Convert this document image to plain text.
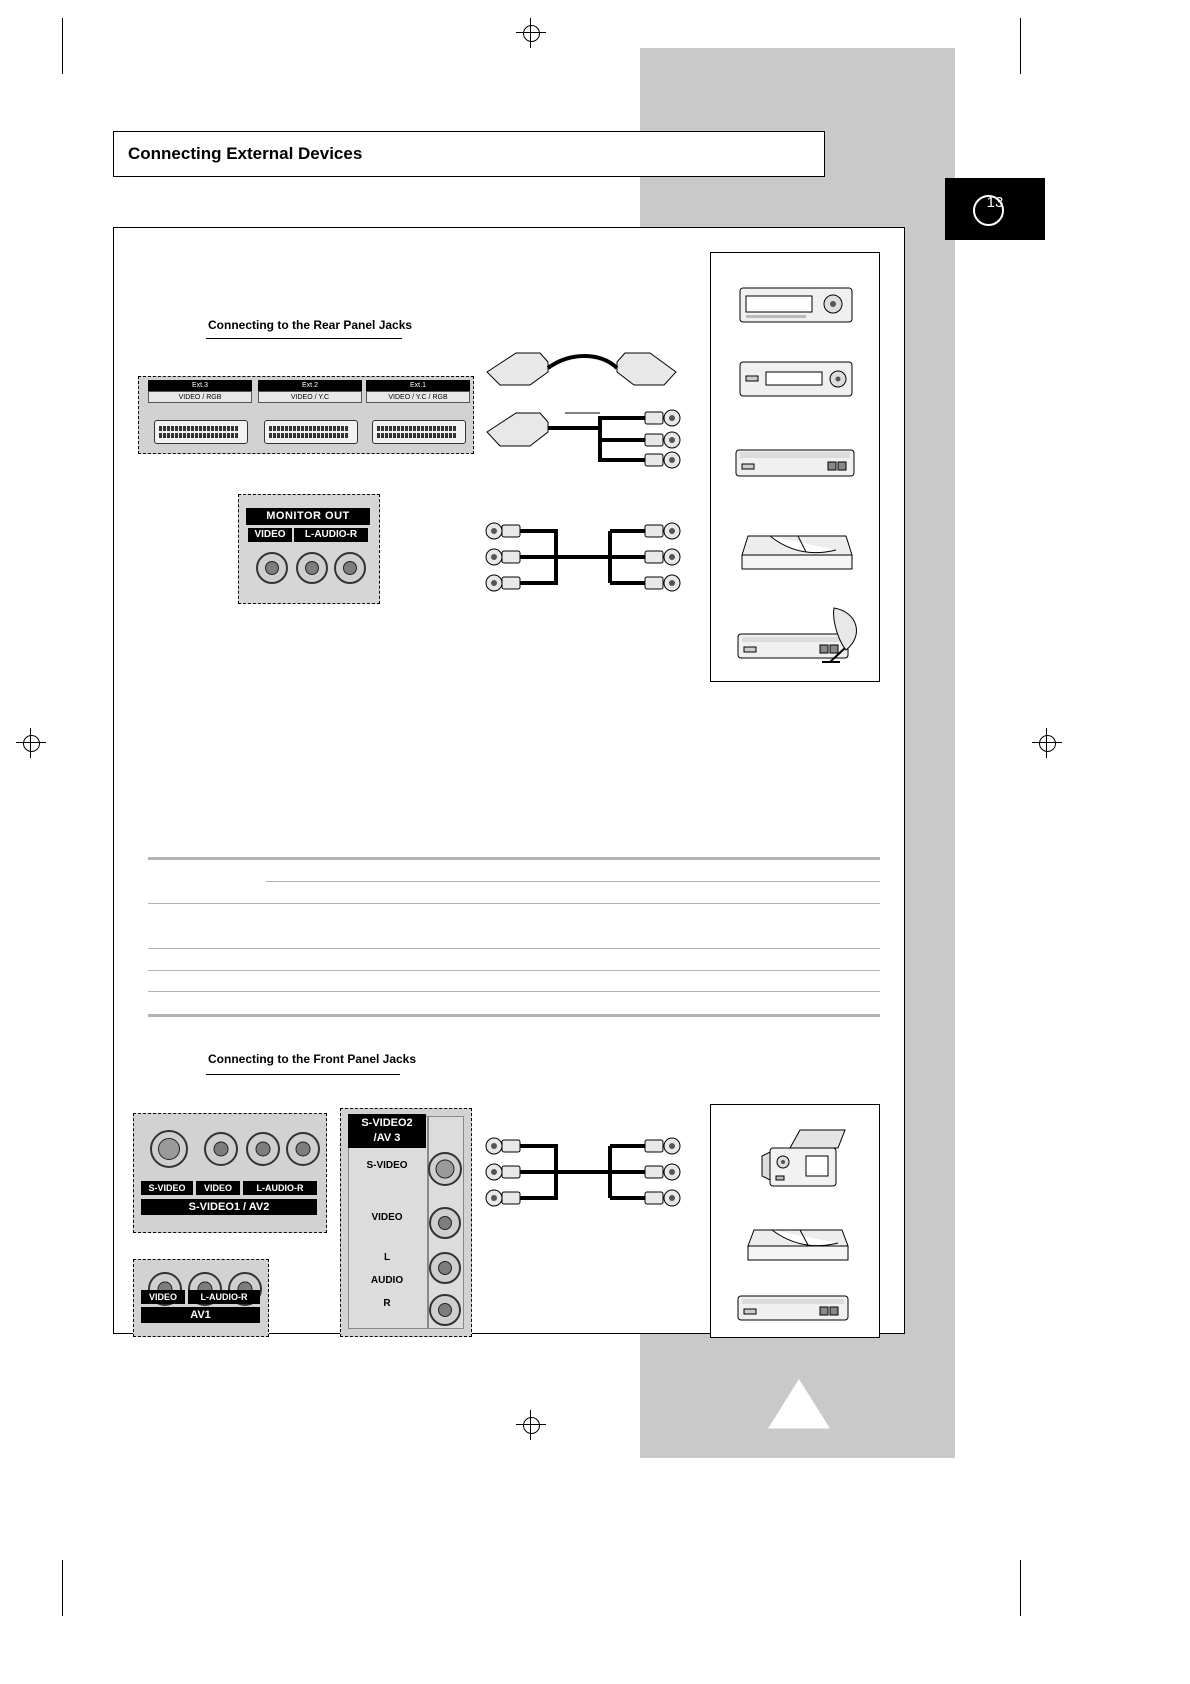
13
Connecting External Devices
Connecting to the Rear Panel Jacks
Ext.3
VIDEO / RGB
Ext.2
VIDEO / Y.C
Ext.1
VIDEO / Y.C / RGB
MONITOR OUT
VIDEO	L-AUDIO-R
Connecting to the Front Panel Jacks
S-VIDEO	VIDEO	L-AUDIO-R
S-VIDEO1 / AV2
VIDEO	L-AUDIO-R
AV1
S-VIDEO2
/AV 3
S-VIDEO
VIDEO
L
AUDIO
R
